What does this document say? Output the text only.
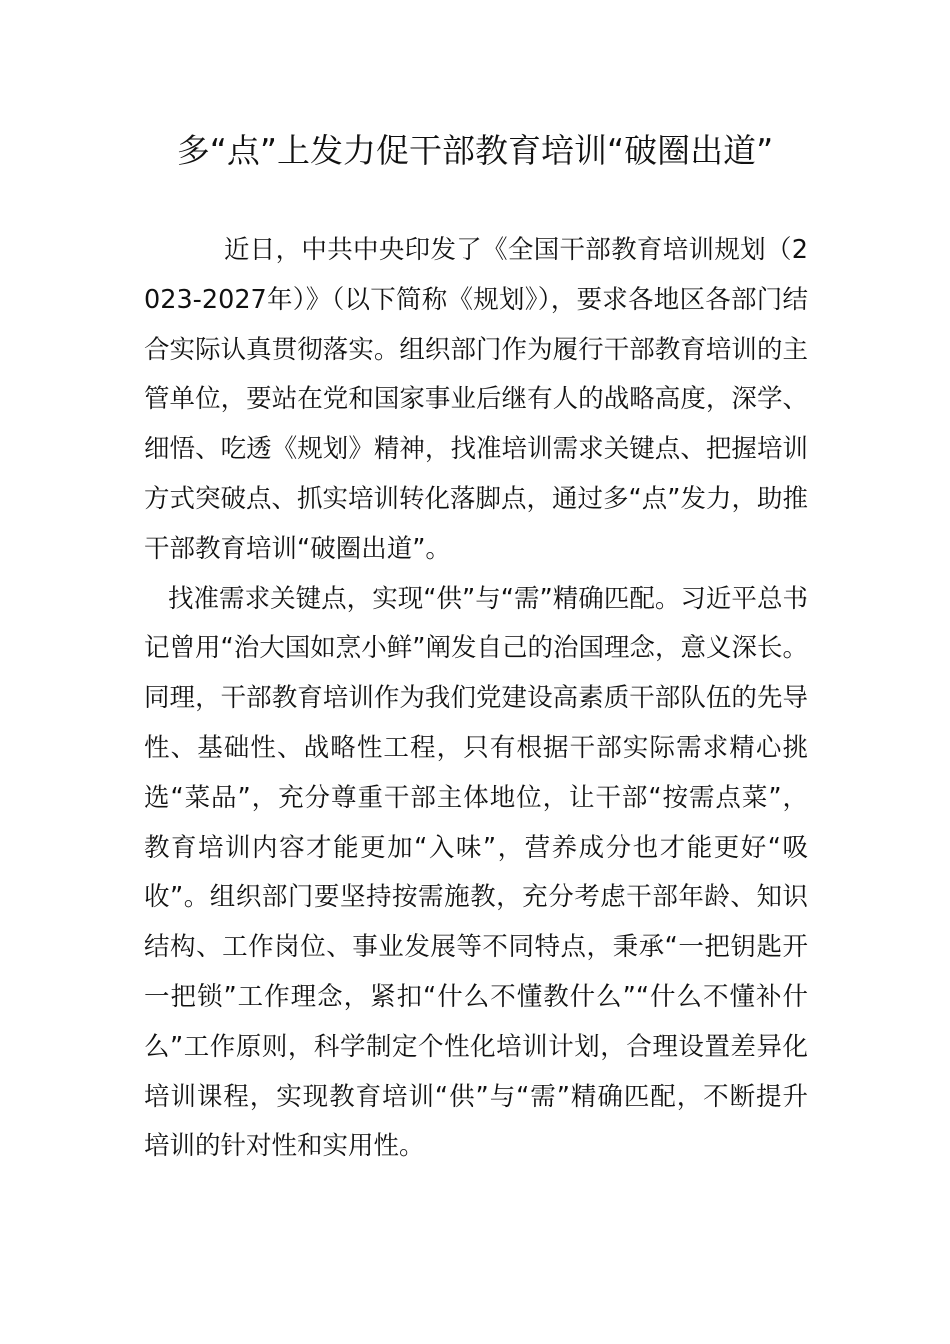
多“点”上发力促干部教育培训“破圈出道”

近日，中共中央印发了《全国干部教育培训规划（2023-2027年）》（以下简称《规划》），要求各地区各部门结合实际认真贯彻落实。组织部门作为履行干部教育培训的主管单位，要站在党和国家事业后继有人的战略高度，深学、细悟、吃透《规划》精神，找准培训需求关键点、把握培训方式突破点、抓实培训转化落脚点，通过多“点”发力，助推干部教育培训“破圈出道”。

找准需求关键点，实现“供”与“需”精确匹配。习近平总书记曾用“治大国如烹小鲜”阐发自己的治国理念，意义深长。同理，干部教育培训作为我们党建设高素质干部队伍的先导性、基础性、战略性工程，只有根据干部实际需求精心挑选“菜品”，充分尊重干部主体地位，让干部“按需点菜”，教育培训内容才能更加“入味”，营养成分也才能更好“吸收”。组织部门要坚持按需施教，充分考虑干部年龄、知识结构、工作岗位、事业发展等不同特点，秉承“一把钥匙开一把锁”工作理念，紧扣“什么不懂教什么”“什么不懂补什么”工作原则，科学制定个性化培训计划，合理设置差异化培训课程，实现教育培训“供”与“需”精确匹配，不断提升培训的针对性和实用性。
